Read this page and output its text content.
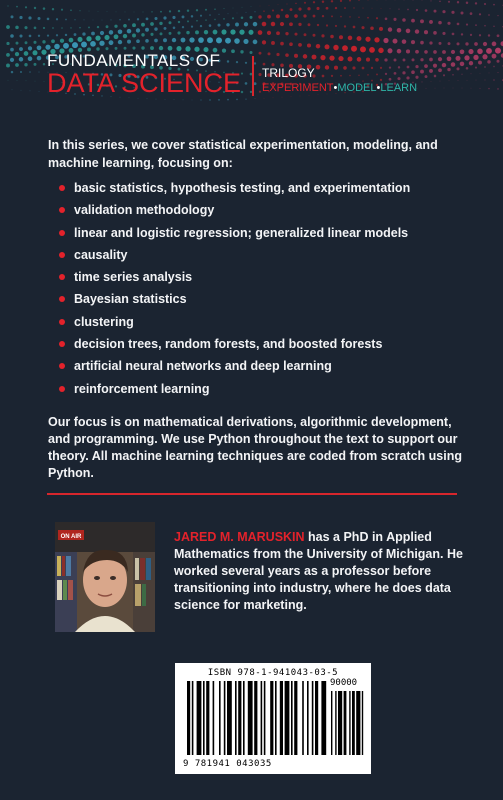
FUNDAMENTALS OF
DATA SCIENCE TRILOGY
EXPERIMENT•MODEL•LEARN
In this series, we cover statistical experimentation, modeling, and machine learning, focusing on:
basic statistics, hypothesis testing, and experimentation
validation methodology
linear and logistic regression; generalized linear models
causality
time series analysis
Bayesian statistics
clustering
decision trees, random forests, and boosted forests
artificial neural networks and deep learning
reinforcement learning
Our focus is on mathematical derivations, algorithmic development, and programming. We use Python throughout the text to support our theory. All machine learning techniques are coded from scratch using Python.
ON AIR	JARED M. MARUSKIN has a PhD in Applied Mathematics from the University of Michigan. He worked several years as a professor before transitioning into industry, where he does data science for marketing.
ISBN 978-1-941043-03-5
90000
9 781941 043035
